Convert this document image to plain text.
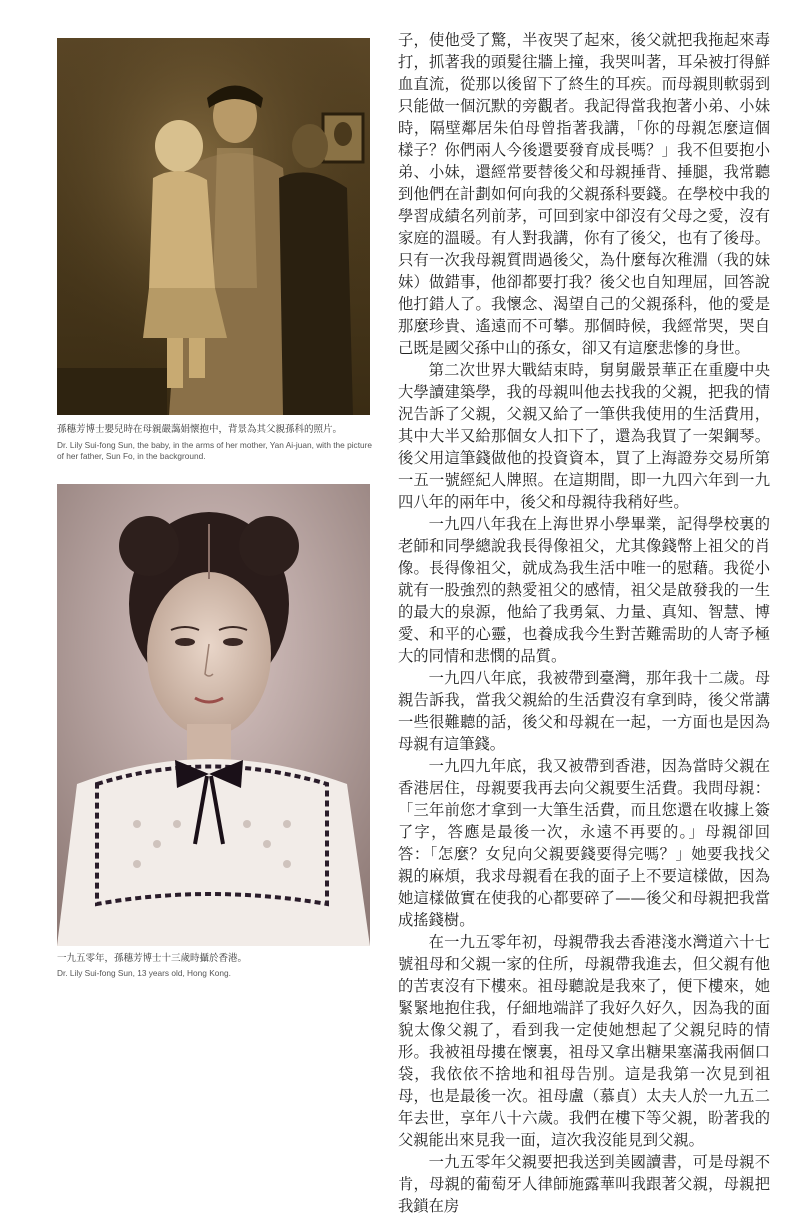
孫穗芳博士嬰兒時在母親嚴藹娟懷抱中，背景為其父親孫科的照片。
Dr. Lily Sui-fong Sun, the baby, in the arms of her mother, Yan Ai-juan, with the picture of her father, Sun Fo, in the background.
一九五零年，孫穗芳博士十三歲時攝於香港。
Dr. Lily Sui-fong Sun, 13 years old, Hong Kong.

子，使他受了驚，半夜哭了起來，後父就把我拖起來毒打，抓著我的頭髮往牆上撞，我哭叫著，耳朵被打得鮮血直流，從那以後留下了終生的耳疾。而母親則軟弱到只能做一個沉默的旁觀者。我記得當我抱著小弟、小妹時，隔壁鄰居朱伯母曾指著我講，「你的母親怎麼這個樣子？你們兩人今後還要發育成長嗎？」我不但要抱小弟、小妹，還經常要替後父和母親捶背、捶腿，我常聽到他們在計劃如何向我的父親孫科要錢。在學校中我的學習成績名列前茅，可回到家中卻沒有父母之愛，沒有家庭的溫暖。有人對我講，你有了後父，也有了後母。只有一次我母親質問過後父，為什麼每次稚淵（我的妹妹）做錯事，他卻都要打我？後父也自知理屈，回答說他打錯人了。我懷念、渴望自己的父親孫科，他的愛是那麼珍貴、遙遠而不可攀。那個時候，我經常哭，哭自己既是國父孫中山的孫女，卻又有這麼悲慘的身世。

第二次世界大戰結束時，舅舅嚴景華正在重慶中央大學讀建築學，我的母親叫他去找我的父親，把我的情況告訴了父親，父親又給了一筆供我使用的生活費用，其中大半又給那個女人扣下了，還為我買了一架鋼琴。後父用這筆錢做他的投資資本，買了上海證券交易所第一五一號經紀人牌照。在這期間，即一九四六年到一九四八年的兩年中，後父和母親待我稍好些。

一九四八年我在上海世界小學畢業，記得學校裏的老師和同學總說我長得像祖父，尤其像錢幣上祖父的肖像。長得像祖父，就成為我生活中唯一的慰藉。我從小就有一股強烈的熱愛祖父的感情，祖父是啟發我的一生的最大的泉源，他給了我勇氣、力量、真知、智慧、博愛、和平的心靈，也養成我今生對苦難需助的人寄予極大的同情和悲憫的品質。

一九四八年底，我被帶到臺灣，那年我十二歲。母親告訴我，當我父親給的生活費沒有拿到時，後父常講一些很難聽的話，後父和母親在一起，一方面也是因為母親有這筆錢。

一九四九年底，我又被帶到香港，因為當時父親在香港居住，母親要我再去向父親要生活費。我問母親：「三年前您才拿到一大筆生活費，而且您還在收據上簽了字，答應是最後一次，永遠不再要的。」母親卻回答：「怎麼？女兒向父親要錢要得完嗎？」她要我找父親的麻煩，我求母親看在我的面子上不要這樣做，因為她這樣做實在使我的心都要碎了——後父和母親把我當成搖錢樹。

在一九五零年初，母親帶我去香港淺水灣道六十七號祖母和父親一家的住所，母親帶我進去，但父親有他的苦衷沒有下樓來。祖母聽說是我來了，便下樓來，她緊緊地抱住我，仔細地端詳了我好久好久，因為我的面貌太像父親了，看到我一定使她想起了父親兒時的情形。我被祖母摟在懷裏，祖母又拿出糖果塞滿我兩個口袋，我依依不捨地和祖母告別。這是我第一次見到祖母，也是最後一次。祖母盧（慕貞）太夫人於一九五二年去世，享年八十六歲。我們在樓下等父親，盼著我的父親能出來見我一面，這次我沒能見到父親。

一九五零年父親要把我送到美國讀書，可是母親不肯，母親的葡萄牙人律師施露華叫我跟著父親，母親把我鎖在房
